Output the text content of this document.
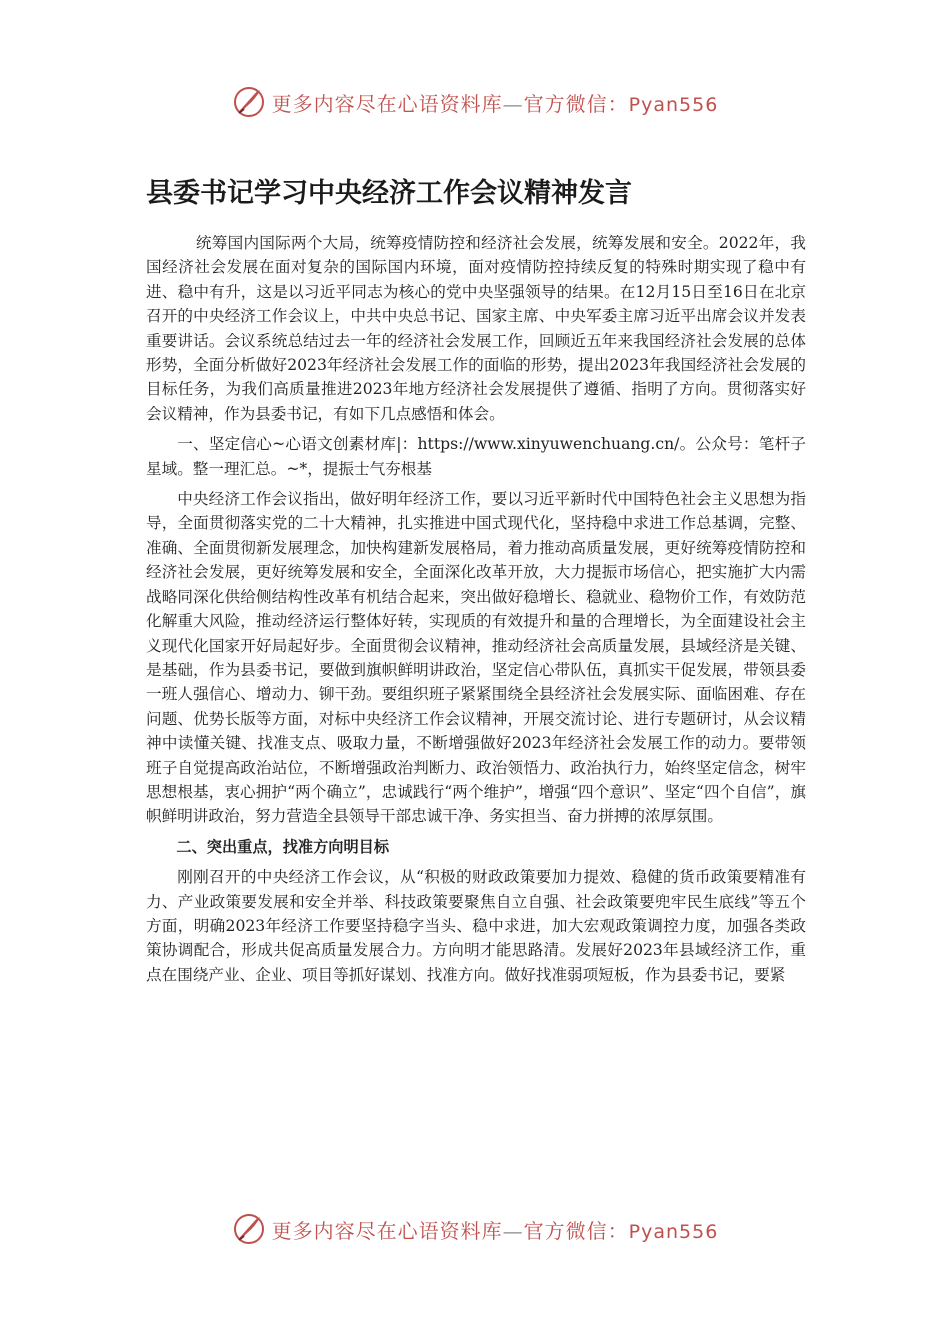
更多内容尽在心语资料库—官方微信：Pyan556
县委书记学习中央经济工作会议精神发言

统筹国内国际两个大局，统筹疫情防控和经济社会发展，统筹发展和安全。2022年，我国经济社会发展在面对复杂的国际国内环境，面对疫情防控持续反复的特殊时期实现了稳中有进、稳中有升，这是以习近平同志为核心的党中央坚强领导的结果。在12月15日至16日在北京召开的中央经济工作会议上，中共中央总书记、国家主席、中央军委主席习近平出席会议并发表重要讲话。会议系统总结过去一年的经济社会发展工作，回顾近五年来我国经济社会发展的总体形势，全面分析做好2023年经济社会发展工作的面临的形势，提出2023年我国经济社会发展的目标任务，为我们高质量推进2023年地方经济社会发展提供了遵循、指明了方向。贯彻落实好会议精神，作为县委书记，有如下几点感悟和体会。

一、坚定信心~心语文创素材库|：https://www.xinyuwenchuang.cn/。公众号：笔杆子星域。整一理汇总。~*，提振士气夯根基

中央经济工作会议指出，做好明年经济工作，要以习近平新时代中国特色社会主义思想为指导，全面贯彻落实党的二十大精神，扎实推进中国式现代化，坚持稳中求进工作总基调，完整、准确、全面贯彻新发展理念，加快构建新发展格局，着力推动高质量发展，更好统筹疫情防控和经济社会发展，更好统筹发展和安全，全面深化改革开放，大力提振市场信心，把实施扩大内需战略同深化供给侧结构性改革有机结合起来，突出做好稳增长、稳就业、稳物价工作，有效防范化解重大风险，推动经济运行整体好转，实现质的有效提升和量的合理增长，为全面建设社会主义现代化国家开好局起好步。全面贯彻会议精神，推动经济社会高质量发展，县域经济是关键、是基础，作为县委书记，要做到旗帜鲜明讲政治，坚定信心带队伍，真抓实干促发展，带领县委一班人强信心、增动力、铆干劲。要组织班子紧紧围绕全县经济社会发展实际、面临困难、存在问题、优势长版等方面，对标中央经济工作会议精神，开展交流讨论、进行专题研讨，从会议精神中读懂关键、找准支点、吸取力量，不断增强做好2023年经济社会发展工作的动力。要带领班子自觉提高政治站位，不断增强政治判断力、政治领悟力、政治执行力，始终坚定信念，树牢思想根基，衷心拥护“两个确立”，忠诚践行“两个维护”，增强“四个意识”、坚定“四个自信”，旗帜鲜明讲政治，努力营造全县领导干部忠诚干净、务实担当、奋力拼搏的浓厚氛围。

二、突出重点，找准方向明目标

刚刚召开的中央经济工作会议，从“积极的财政政策要加力提效、稳健的货币政策要精准有力、产业政策要发展和安全并举、科技政策要聚焦自立自强、社会政策要兜牢民生底线”等五个方面，明确2023年经济工作要坚持稳字当头、稳中求进，加大宏观政策调控力度，加强各类政策协调配合，形成共促高质量发展合力。方向明才能思路清。发展好2023年县域经济工作，重点在围绕产业、企业、项目等抓好谋划、找准方向。做好找准弱项短板，作为县委书记，要紧

更多内容尽在心语资料库—官方微信：Pyan556
